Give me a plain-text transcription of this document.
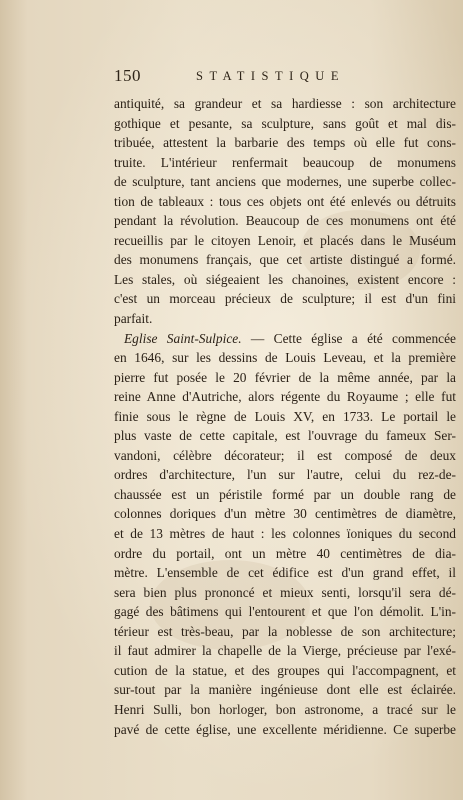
150	STATISTIQUE
antiquité, sa grandeur et sa hardiesse : son architecture
gothique et pesante, sa sculpture, sans goût et mal dis-
tribuée, attestent la barbarie des temps où elle fut cons-
truite. L'intérieur renfermait beaucoup de monumens
de sculpture, tant anciens que modernes, une superbe collec-
tion de tableaux : tous ces objets ont été enlevés ou détruits
pendant la révolution. Beaucoup de ces monumens ont été
recueillis par le citoyen Lenoir, et placés dans le Muséum
des monumens français, que cet artiste distingué a formé.
Les stales, où siégeaient les chanoines, existent encore :
c'est un morceau précieux de sculpture; il est d'un fini
parfait.
Eglise Saint-Sulpice. — Cette église a été commencée
en 1646, sur les dessins de Louis Leveau, et la première
pierre fut posée le 20 février de la même année, par la
reine Anne d'Autriche, alors régente du Royaume ; elle fut
finie sous le règne de Louis XV, en 1733. Le portail le
plus vaste de cette capitale, est l'ouvrage du fameux Ser-
vandoni, célèbre décorateur; il est composé de deux
ordres d'architecture, l'un sur l'autre, celui du rez-de-
chaussée est un péristile formé par un double rang de
colonnes doriques d'un mètre 30 centimètres de diamètre,
et de 13 mètres de haut : les colonnes ïoniques du second
ordre du portail, ont un mètre 40 centimètres de dia-
mètre. L'ensemble de cet édifice est d'un grand effet, il
sera bien plus prononcé et mieux senti, lorsqu'il sera dé-
gagé des bâtimens qui l'entourent et que l'on démolit. L'in-
térieur est très-beau, par la noblesse de son architecture;
il faut admirer la chapelle de la Vierge, précieuse par l'exé-
cution de la statue, et des groupes qui l'accompagnent, et
sur-tout par la manière ingénieuse dont elle est éclairée.
Henri Sulli, bon horloger, bon astronome, a tracé sur le
pavé de cette église, une excellente méridienne. Ce superbe
